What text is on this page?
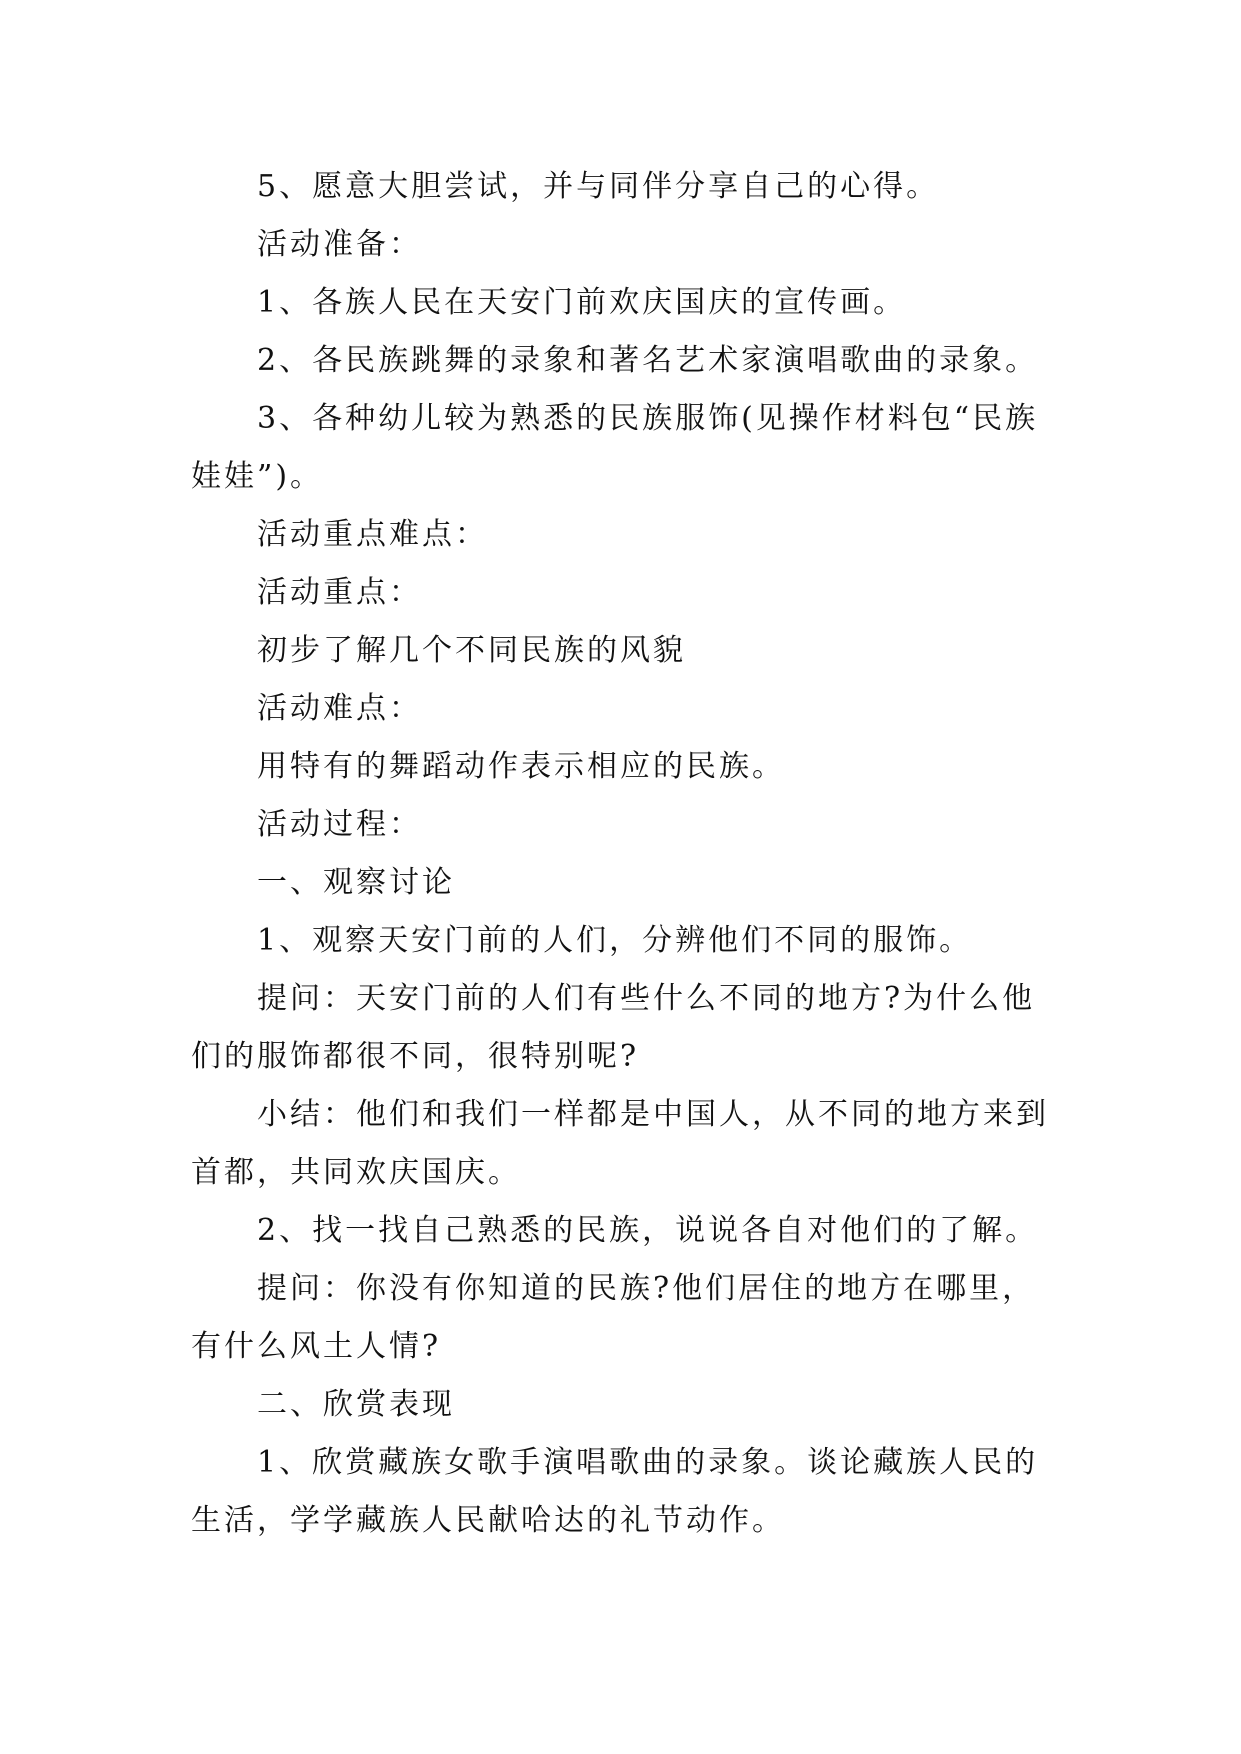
5、愿意大胆尝试，并与同伴分享自己的心得。

活动准备：

1、各族人民在天安门前欢庆国庆的宣传画。

2、各民族跳舞的录象和著名艺术家演唱歌曲的录象。

3、各种幼儿较为熟悉的民族服饰(见操作材料包“民族娃娃”)。

活动重点难点：

活动重点：

初步了解几个不同民族的风貌

活动难点：

用特有的舞蹈动作表示相应的民族。

活动过程：

一、观察讨论

1、观察天安门前的人们，分辨他们不同的服饰。

提问：天安门前的人们有些什么不同的地方?为什么他们的服饰都很不同，很特别呢?

小结：他们和我们一样都是中国人，从不同的地方来到首都，共同欢庆国庆。

2、找一找自己熟悉的民族，说说各自对他们的了解。

提问：你没有你知道的民族?他们居住的地方在哪里，有什么风土人情?

二、欣赏表现

1、欣赏藏族女歌手演唱歌曲的录象。谈论藏族人民的生活，学学藏族人民献哈达的礼节动作。
